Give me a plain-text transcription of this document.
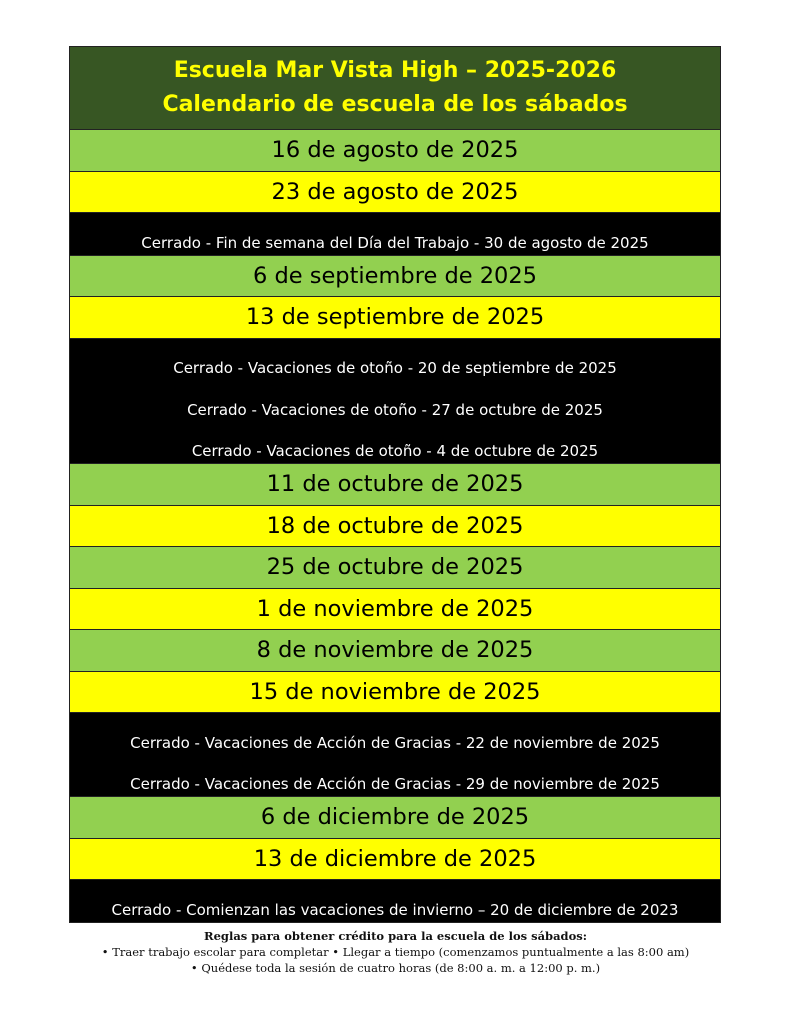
Escuela Mar Vista High – 2025-2026
Calendario de escuela de los sábados
16 de agosto de 2025
23 de agosto de 2025
Cerrado - Fin de semana del Día del Trabajo - 30 de agosto de 2025
6 de septiembre de 2025
13 de septiembre de 2025
Cerrado - Vacaciones de otoño - 20 de septiembre de 2025
Cerrado - Vacaciones de otoño - 27 de octubre de 2025
Cerrado - Vacaciones de otoño - 4 de octubre de 2025
11 de octubre de 2025
18 de octubre de 2025
25 de octubre de 2025
1 de noviembre de 2025
8 de noviembre de 2025
15 de noviembre de 2025
Cerrado - Vacaciones de Acción de Gracias - 22 de noviembre de 2025
Cerrado - Vacaciones de Acción de Gracias - 29 de noviembre de 2025
6 de diciembre de 2025
13 de diciembre de 2025
Cerrado - Comienzan las vacaciones de invierno – 20 de diciembre de 2023
Reglas para obtener crédito para la escuela de los sábados:
• Traer trabajo escolar para completar • Llegar a tiempo (comenzamos puntualmente a las 8:00 am)
• Quédese toda la sesión de cuatro horas (de 8:00 a. m. a 12:00 p. m.)
